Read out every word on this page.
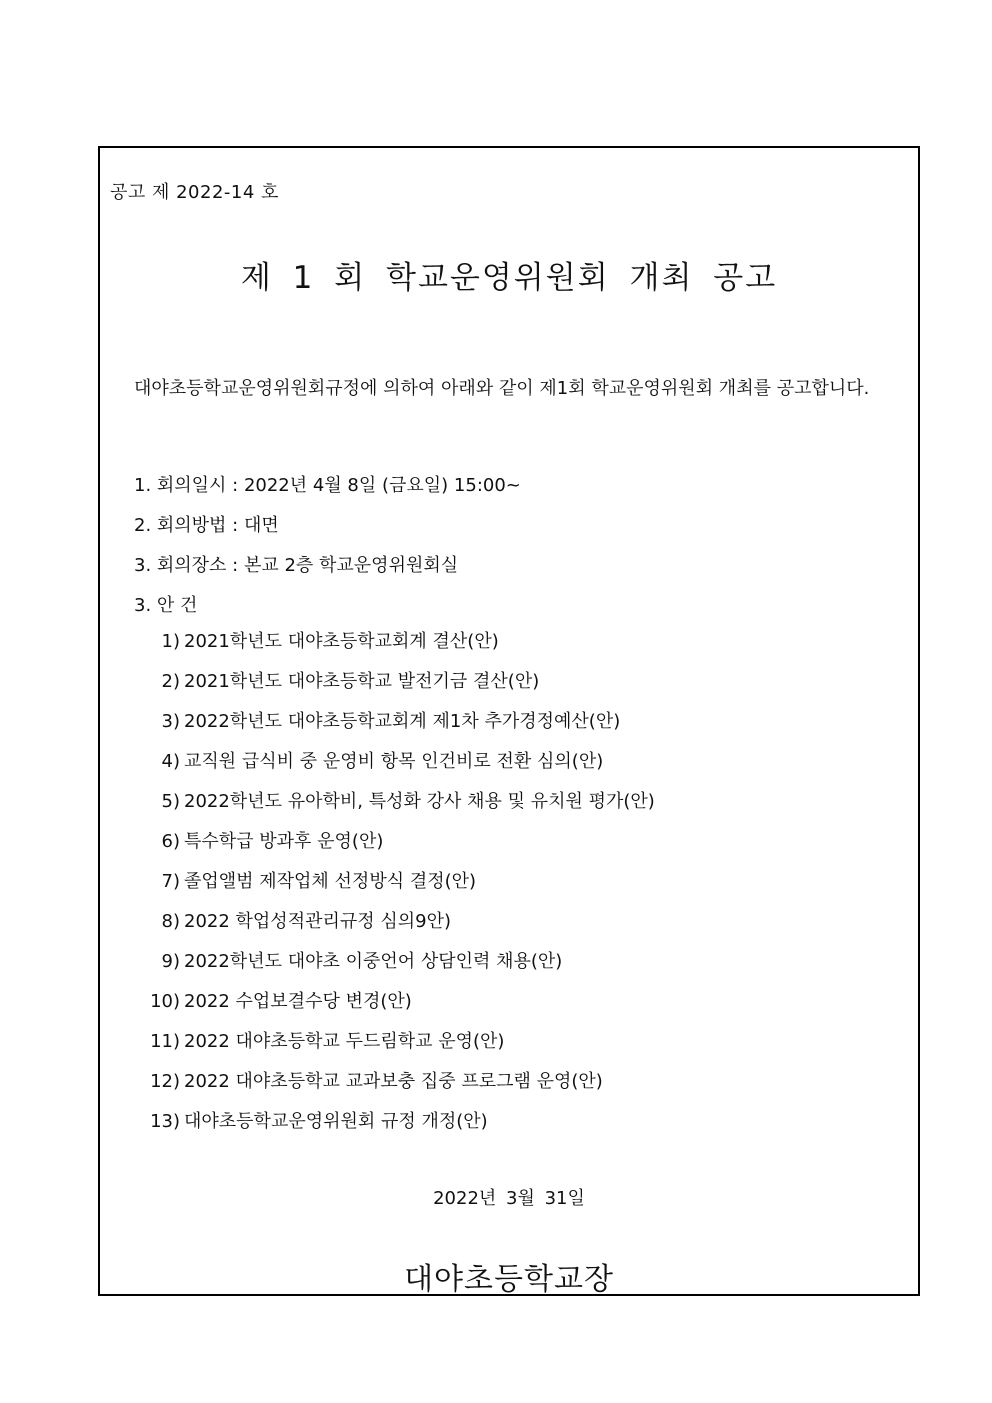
공고 제 2022-14 호
제 1 회 학교운영위원회 개최 공고
대야초등학교운영위원회규정에 의하여 아래와 같이 제1회 학교운영위원회 개최를 공고합니다.
1. 회의일시 : 2022년 4월 8일 (금요일) 15:00~
2. 회의방법 : 대면
3. 회의장소 : 본교 2층 학교운영위원회실
3. 안 건
1) 2021학년도 대야초등학교회계 결산(안)
2) 2021학년도 대야초등학교 발전기금 결산(안)
3) 2022학년도 대야초등학교회계 제1차 추가경정예산(안)
4) 교직원 급식비 중 운영비 항목 인건비로 전환 심의(안)
5) 2022학년도 유아학비, 특성화 강사 채용 및 유치원 평가(안)
6) 특수학급 방과후 운영(안)
7) 졸업앨범 제작업체 선정방식 결정(안)
8) 2022 학업성적관리규정 심의9안)
9) 2022학년도 대야초 이중언어 상담인력 채용(안)
10) 2022 수업보결수당 변경(안)
11) 2022 대야초등학교 두드림학교 운영(안)
12) 2022 대야초등학교 교과보충 집중 프로그램 운영(안)
13) 대야초등학교운영위원회 규정 개정(안)
2022년 3월 31일
대야초등학교장
